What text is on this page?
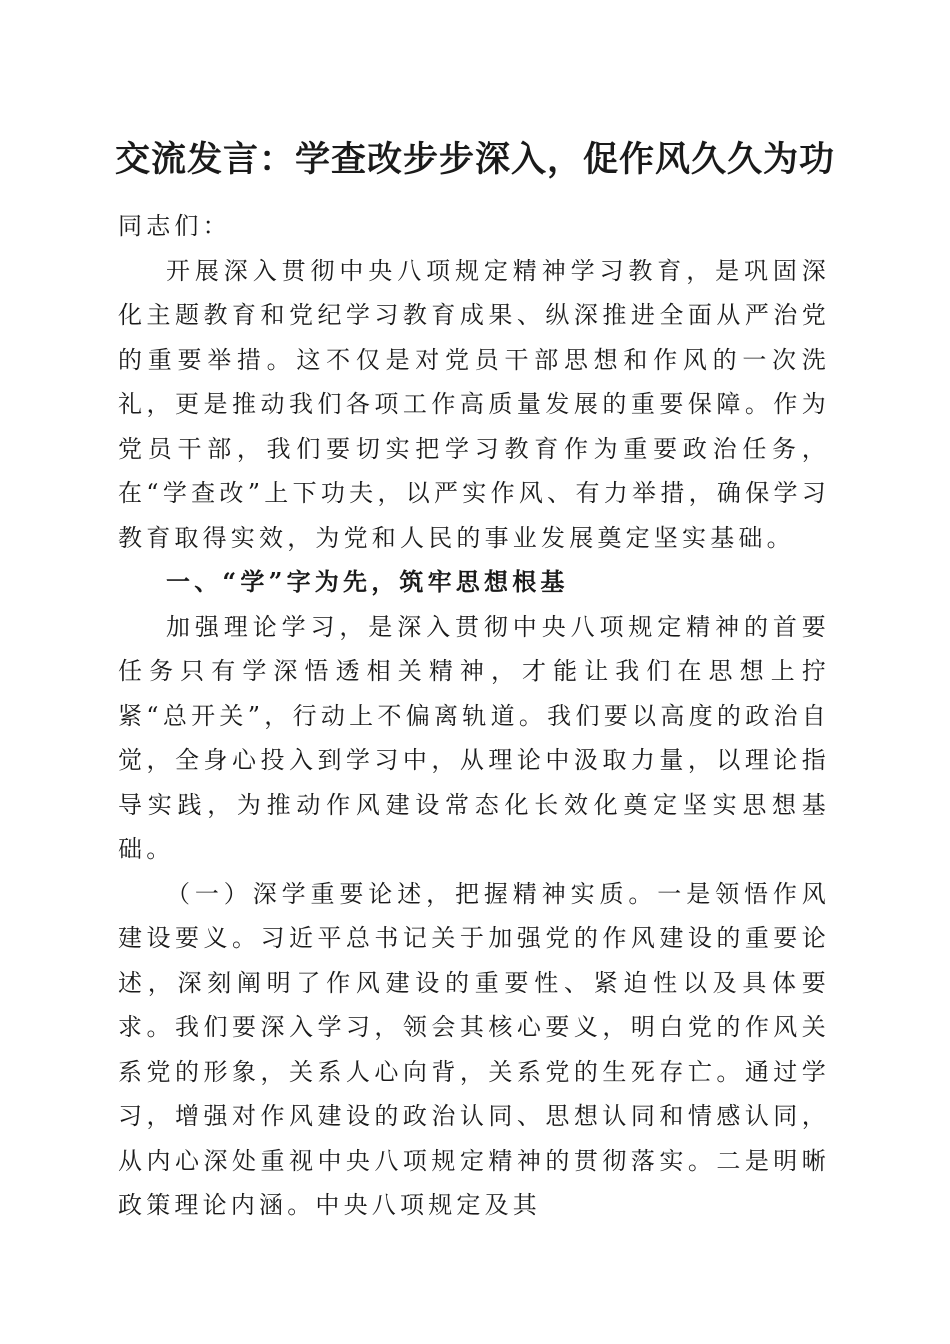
交流发言：学查改步步深入，促作风久久为功

同志们：

开展深入贯彻中央八项规定精神学习教育，是巩固深化主题教育和党纪学习教育成果、纵深推进全面从严治党的重要举措。这不仅是对党员干部思想和作风的一次洗礼，更是推动我们各项工作高质量发展的重要保障。作为党员干部，我们要切实把学习教育作为重要政治任务，在“学查改”上下功夫，以严实作风、有力举措，确保学习教育取得实效，为党和人民的事业发展奠定坚实基础。

一、“学”字为先，筑牢思想根基

加强理论学习，是深入贯彻中央八项规定精神的首要任务只有学深悟透相关精神，才能让我们在思想上拧紧“总开关”，行动上不偏离轨道。我们要以高度的政治自觉，全身心投入到学习中，从理论中汲取力量，以理论指导实践，为推动作风建设常态化长效化奠定坚实思想基础。

（一）深学重要论述，把握精神实质。一是领悟作风建设要义。习近平总书记关于加强党的作风建设的重要论述，深刻阐明了作风建设的重要性、紧迫性以及具体要求。我们要深入学习，领会其核心要义，明白党的作风关系党的形象，关系人心向背，关系党的生死存亡。通过学习，增强对作风建设的政治认同、思想认同和情感认同，从内心深处重视中央八项规定精神的贯彻落实。二是明晰政策理论内涵。中央八项规定及其
